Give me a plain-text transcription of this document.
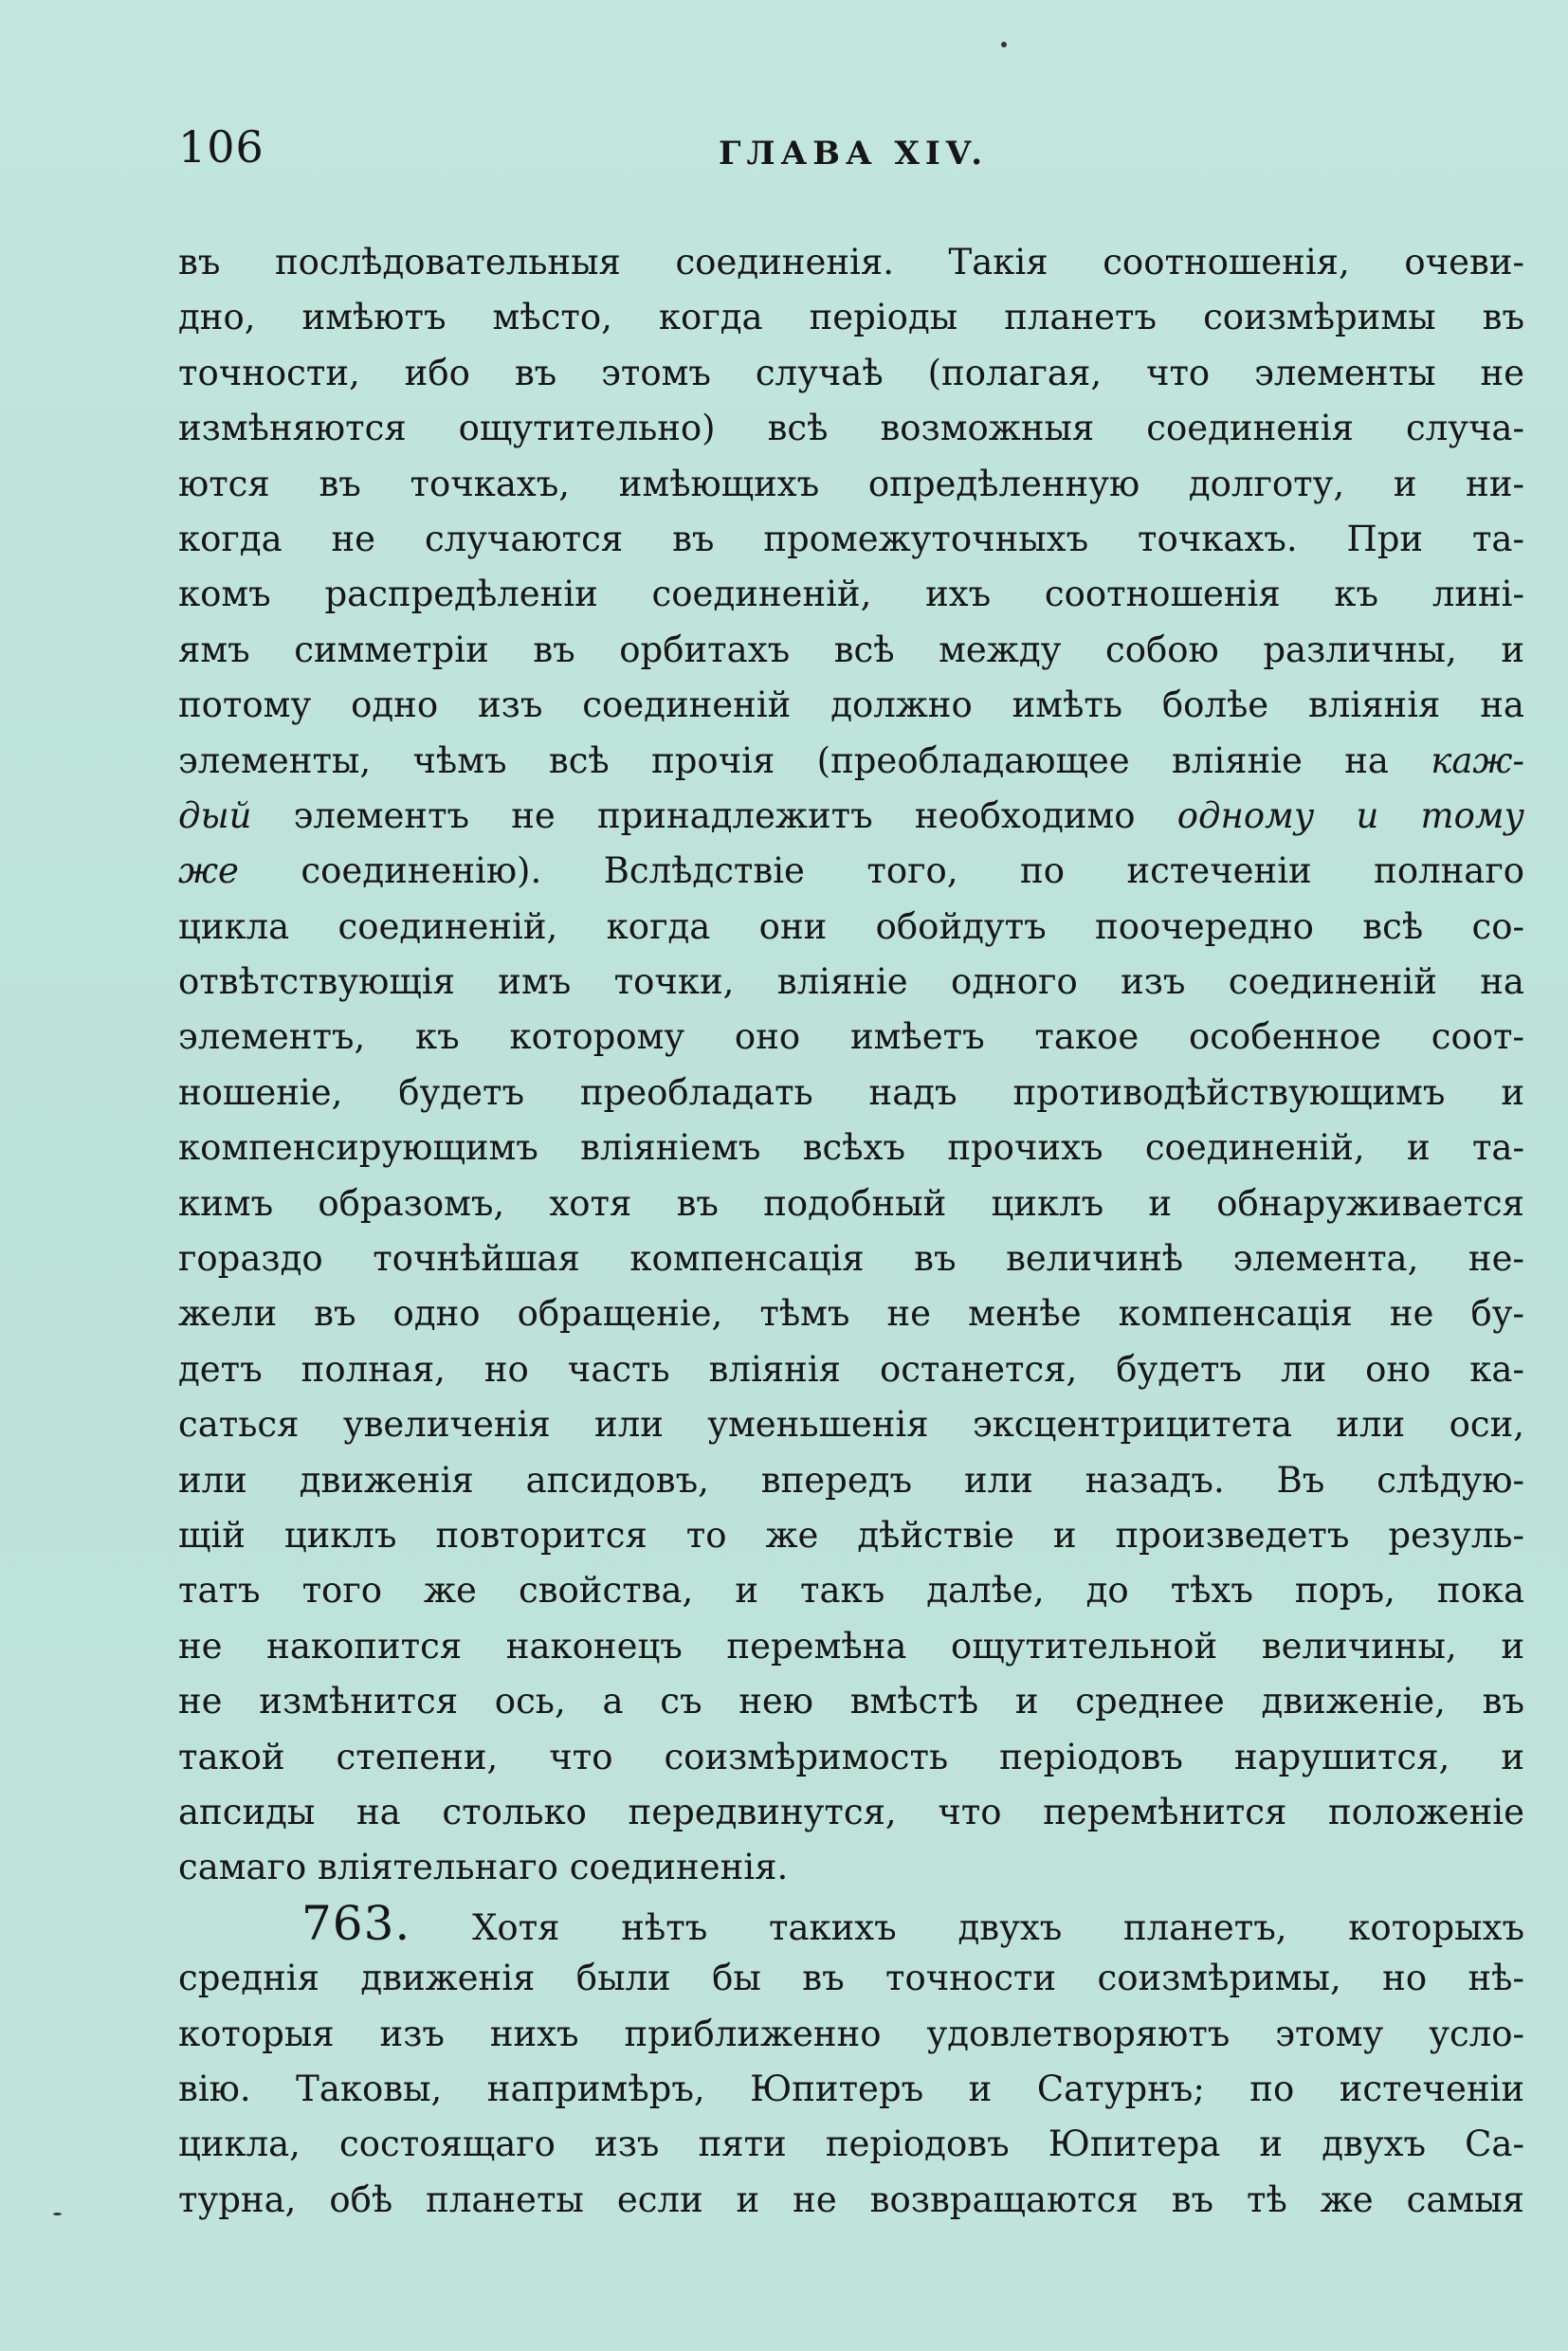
106	ГЛАВА XIV.
въ послѣдовательныя соединенія. Такія соотношенія, очеви-
дно, имѣютъ мѣсто, когда періоды планетъ соизмѣримы въ
точности, ибо въ этомъ случаѣ (полагая, что элементы не
измѣняются ощутительно) всѣ возможныя соединенія случа-
ются въ точкахъ, имѣющихъ опредѣленную долготу, и ни-
когда не случаются въ промежуточныхъ точкахъ. При та-
комъ распредѣленіи соединеній, ихъ соотношенія къ лині-
ямъ симметріи въ орбитахъ всѣ между собою различны, и
потому одно изъ соединеній должно имѣть болѣе вліянія на
элементы, чѣмъ всѣ прочія (преобладающее вліяніе на каж-
дый элементъ не принадлежитъ необходимо одному и тому
же соединенію). Вслѣдствіе того, по истеченіи полнаго
цикла соединеній, когда они обойдутъ поочередно всѣ со-
отвѣтствующія имъ точки, вліяніе одного изъ соединеній на
элементъ, къ которому оно имѣетъ такое особенное соот-
ношеніе, будетъ преобладать надъ противодѣйствующимъ и
компенсирующимъ вліяніемъ всѣхъ прочихъ соединеній, и та-
кимъ образомъ, хотя въ подобный циклъ и обнаруживается
гораздо точнѣйшая компенсація въ величинѣ элемента, не-
жели въ одно обращеніе, тѣмъ не менѣе компенсація не бу-
детъ полная, но часть вліянія останется, будетъ ли оно ка-
саться увеличенія или уменьшенія эксцентрицитета или оси,
или движенія апсидовъ, впередъ или назадъ. Въ слѣдую-
щій циклъ повторится то же дѣйствіе и произведетъ резуль-
татъ того же свойства, и такъ далѣе, до тѣхъ поръ, пока
не накопится наконецъ перемѣна ощутительной величины, и
не измѣнится ось, а съ нею вмѣстѣ и среднее движеніе, въ
такой степени, что соизмѣримость періодовъ нарушится, и
апсиды на столько передвинутся, что перемѣнится положеніе
самаго вліятельнаго соединенія.
763. Хотя нѣтъ такихъ двухъ планетъ, которыхъ
среднія движенія были бы въ точности соизмѣримы, но нѣ-
которыя изъ нихъ приближенно удовлетворяютъ этому усло-
вію. Таковы, напримѣръ, Юпитеръ и Сатурнъ; по истеченіи
цикла, состоящаго изъ пяти періодовъ Юпитера и двухъ Са-
турна, обѣ планеты если и не возвращаются въ тѣ же самыя
